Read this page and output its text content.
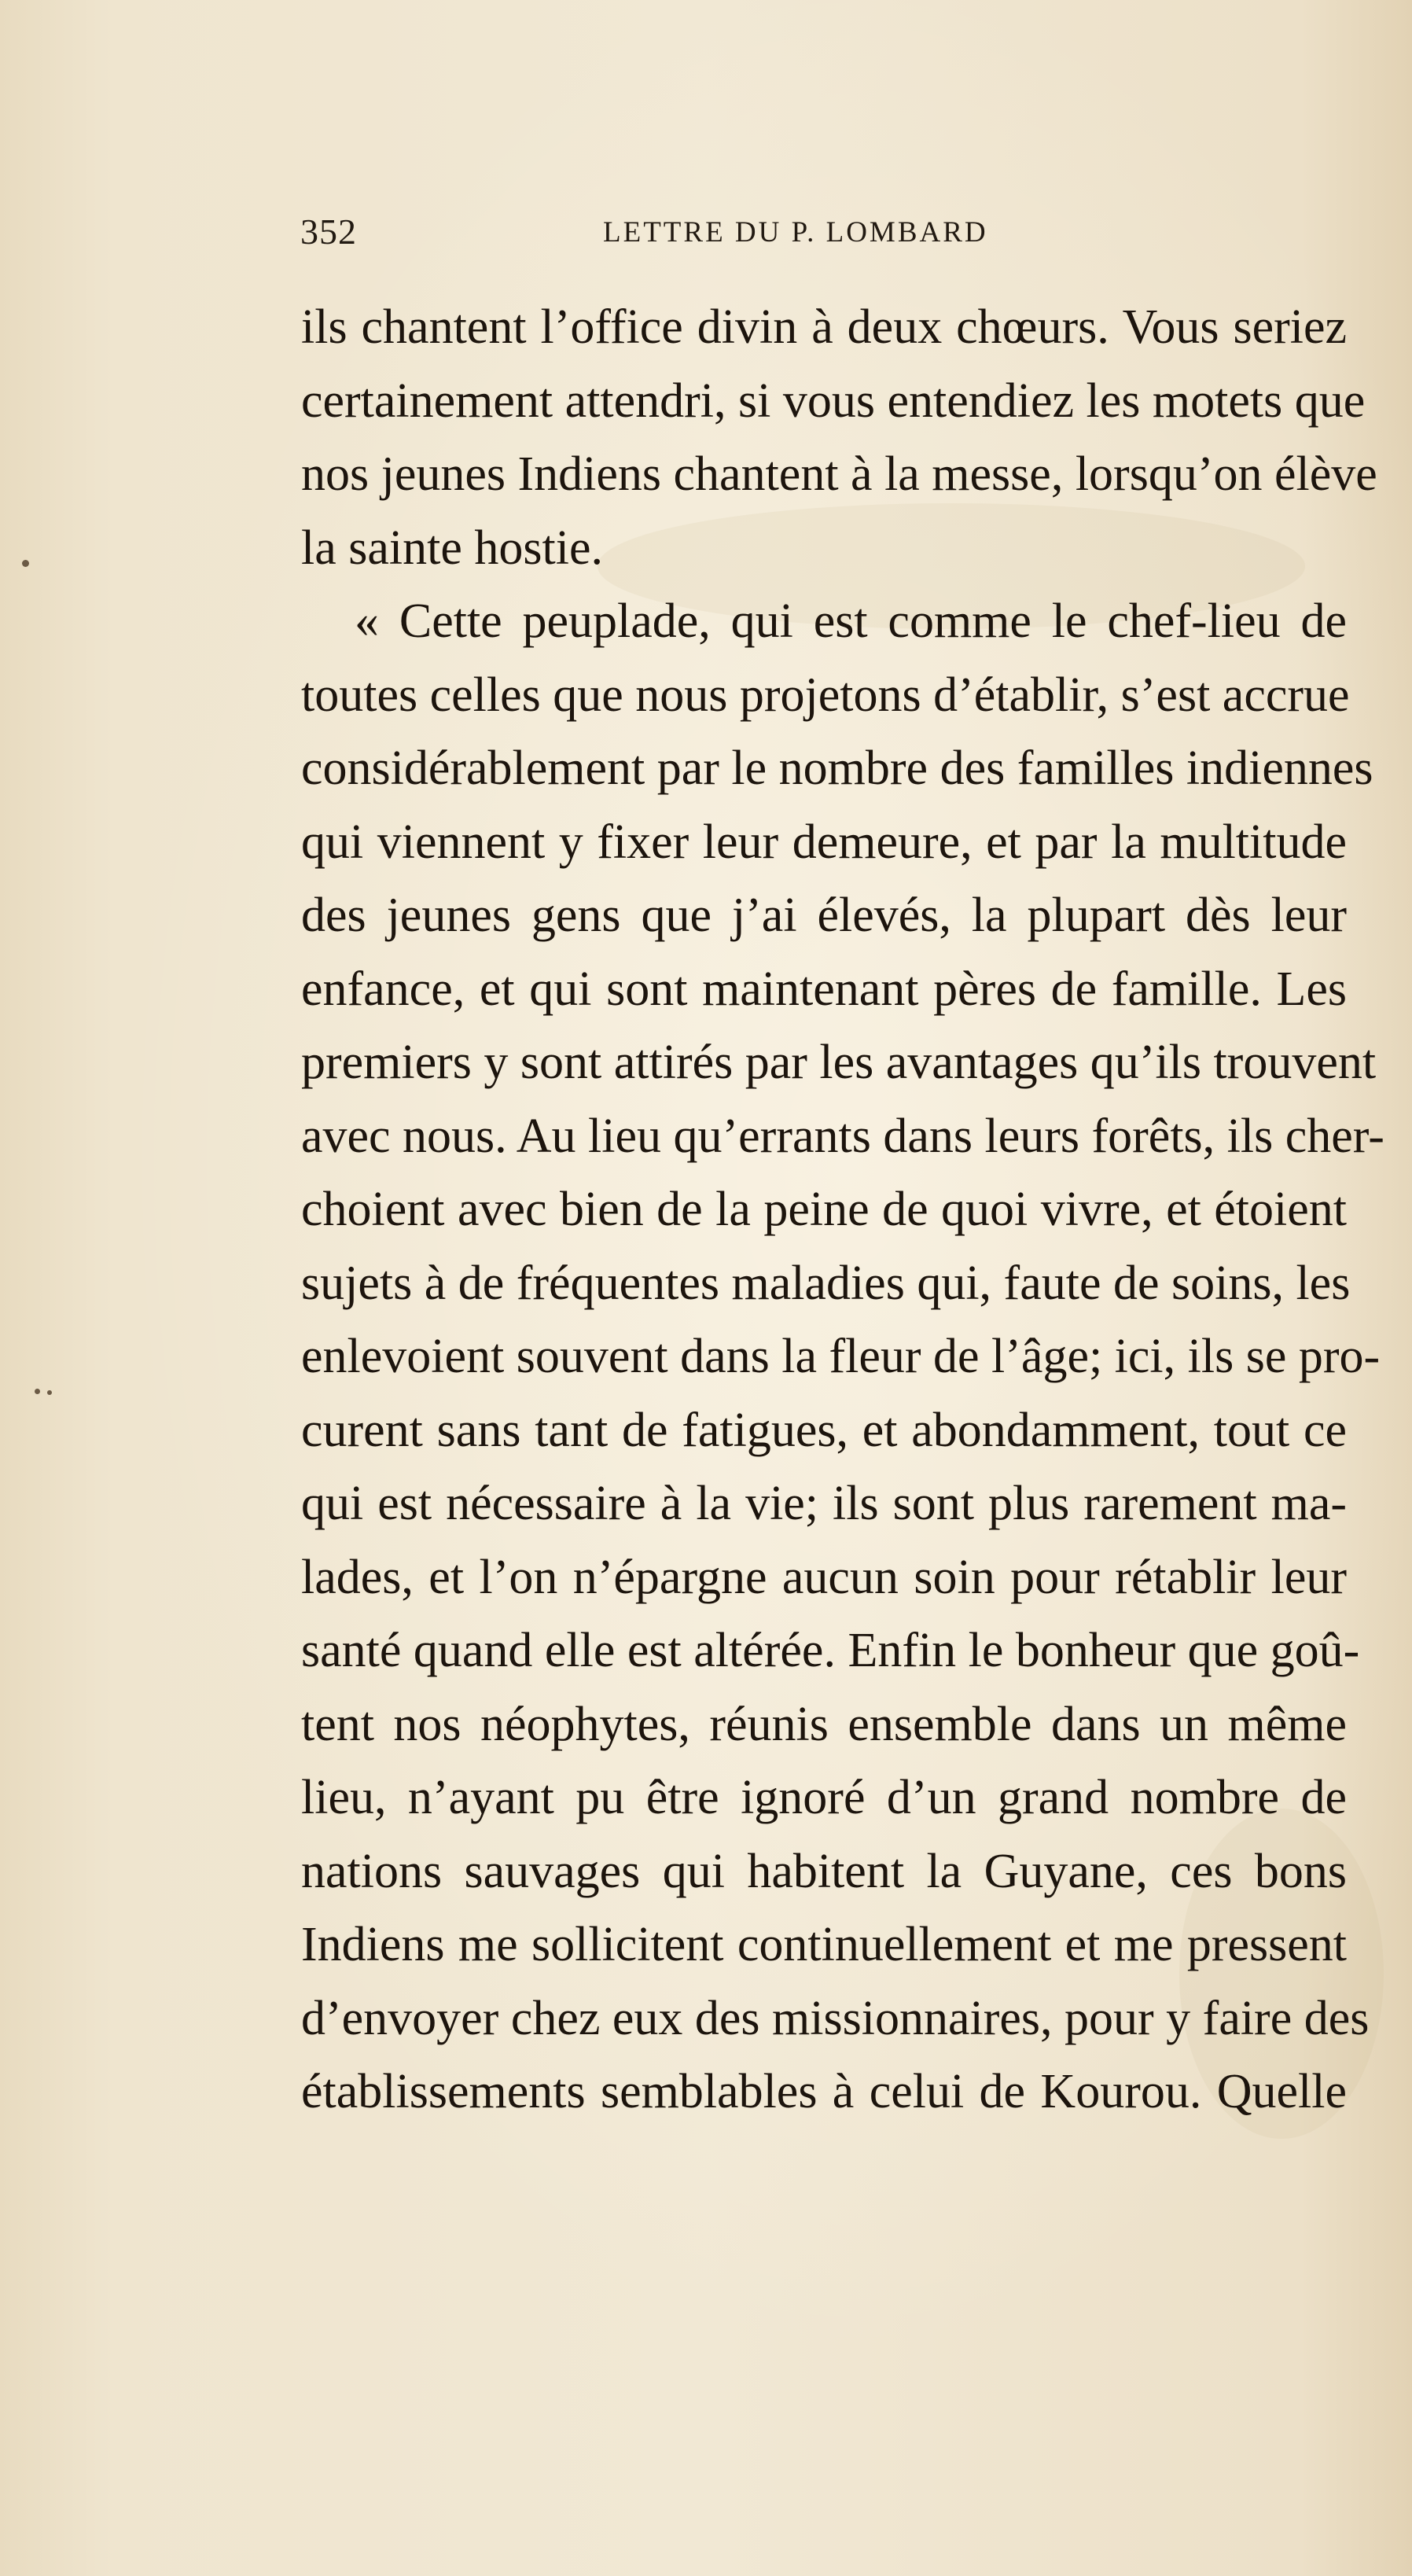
352	LETTRE DU P. LOMBARD
ils chantent l’office divin à deux chœurs. Vous seriez
certainement attendri, si vous entendiez les motets que
nos jeunes Indiens chantent à la messe, lorsqu’on élève
la sainte hostie.
« Cette peuplade, qui est comme le chef-lieu de
toutes celles que nous projetons d’établir, s’est accrue
considérablement par le nombre des familles indiennes
qui viennent y fixer leur demeure, et par la multitude
des jeunes gens que j’ai élevés, la plupart dès leur
enfance, et qui sont maintenant pères de famille. Les
premiers y sont attirés par les avantages qu’ils trouvent
avec nous. Au lieu qu’errants dans leurs forêts, ils cher-
choient avec bien de la peine de quoi vivre, et étoient
sujets à de fréquentes maladies qui, faute de soins, les
enlevoient souvent dans la fleur de l’âge; ici, ils se pro-
curent sans tant de fatigues, et abondamment, tout ce
qui est nécessaire à la vie; ils sont plus rarement ma-
lades, et l’on n’épargne aucun soin pour rétablir leur
santé quand elle est altérée. Enfin le bonheur que goû-
tent nos néophytes, réunis ensemble dans un même
lieu, n’ayant pu être ignoré d’un grand nombre de
nations sauvages qui habitent la Guyane, ces bons
Indiens me sollicitent continuellement et me pressent
d’envoyer chez eux des missionnaires, pour y faire des
établissements semblables à celui de Kourou. Quelle
